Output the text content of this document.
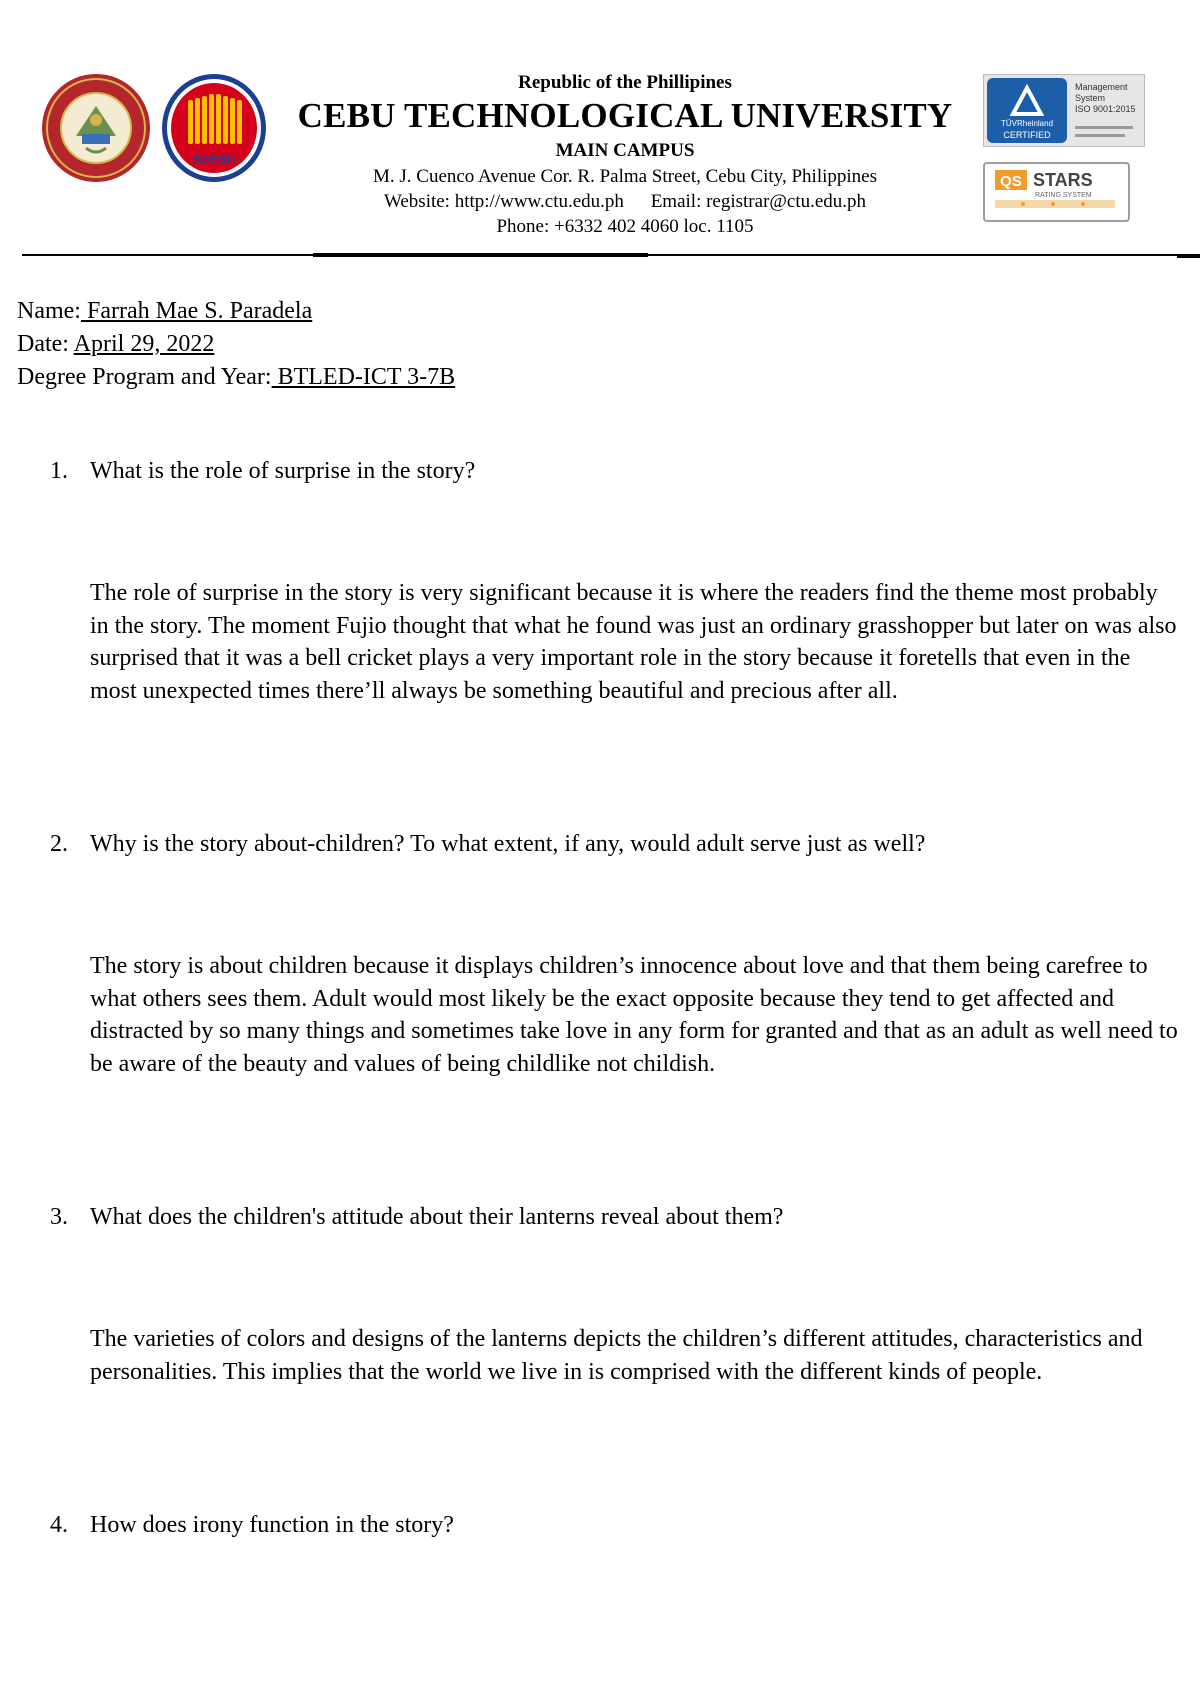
asean
Republic of the Phillipines
CEBU TECHNOLOGICAL UNIVERSITY
MAIN CAMPUS
M. J. Cuenco Avenue Cor. R. Palma Street, Cebu City, Philippines
Website: http://www.ctu.edu.ph Email: registrar@ctu.edu.ph
Phone: +6332 402 4060 loc. 1105
TÜVRheinland
CERTIFIED
Management
System
ISO 9001:2015
QS STARS
RATING SYSTEM
Name: Farrah Mae S. Paradela
Date: April 29, 2022
Degree Program and Year: BTLED-ICT 3-7B
1. What is the role of surprise in the story?
The role of surprise in the story is very significant because it is where the readers find the theme most probably in the story. The moment Fujio thought that what he found was just an ordinary grasshopper but later on was also surprised that it was a bell cricket plays a very important role in the story because it foretells that even in the most unexpected times there’ll always be something beautiful and precious after all.
2. Why is the story about-children? To what extent, if any, would adult serve just as well?
The story is about children because it displays children’s innocence about love and that them being carefree to what others sees them. Adult would most likely be the exact opposite because they tend to get affected and distracted by so many things and sometimes take love in any form for granted and that as an adult as well need to be aware of the beauty and values of being childlike not childish.
3. What does the children's attitude about their lanterns reveal about them?
The varieties of colors and designs of the lanterns depicts the children’s different attitudes, characteristics and personalities. This implies that the world we live in is comprised with the different kinds of people.
4. How does irony function in the story?
